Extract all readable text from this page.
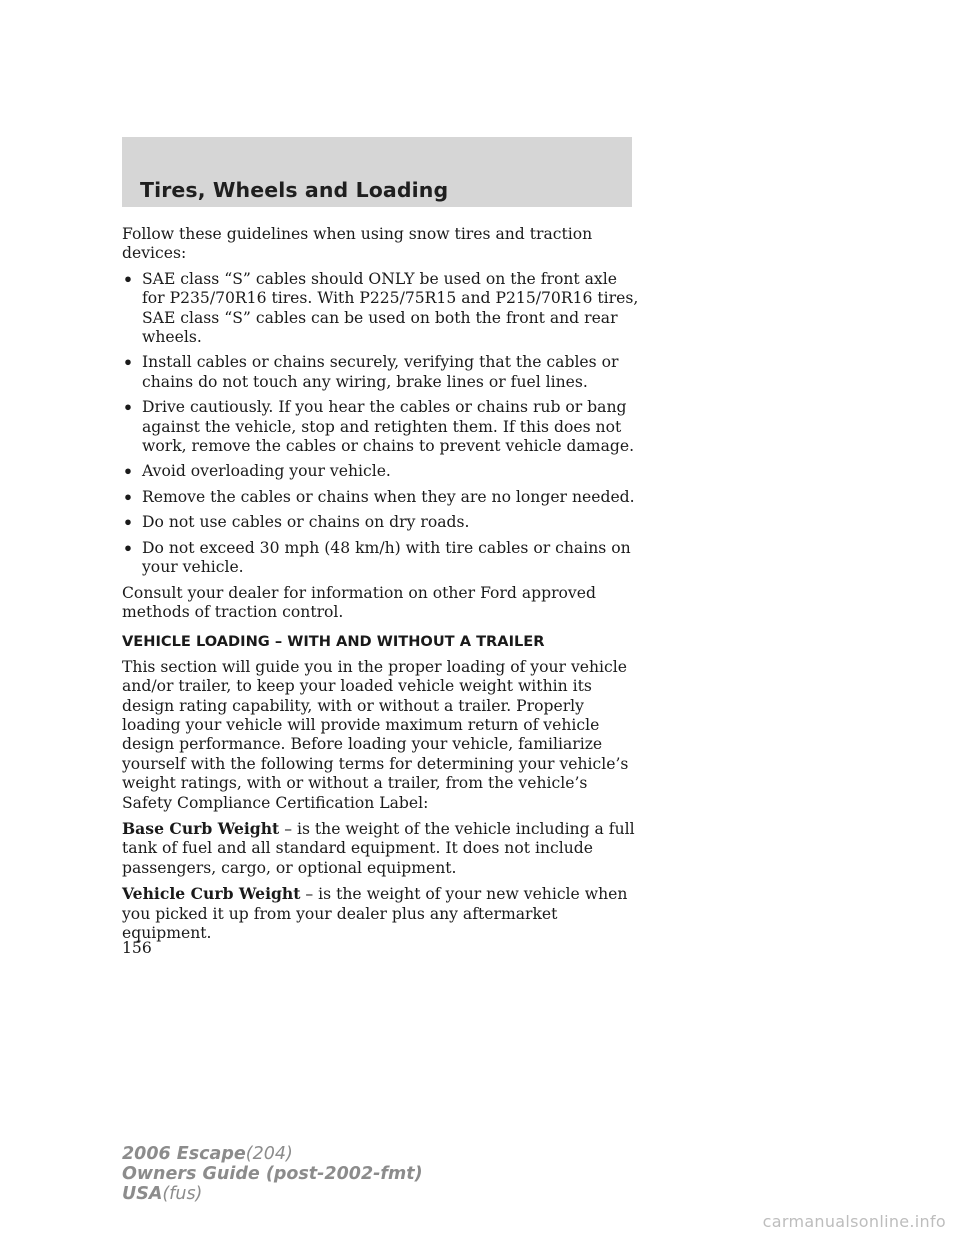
Tires, Wheels and Loading

Follow these guidelines when using snow tires and traction devices:

• SAE class “S” cables should ONLY be used on the front axle for P235/70R16 tires. With P225/75R15 and P215/70R16 tires, SAE class “S” cables can be used on both the front and rear wheels.
• Install cables or chains securely, verifying that the cables or chains do not touch any wiring, brake lines or fuel lines.
• Drive cautiously. If you hear the cables or chains rub or bang against the vehicle, stop and retighten them. If this does not work, remove the cables or chains to prevent vehicle damage.
• Avoid overloading your vehicle.
• Remove the cables or chains when they are no longer needed.
• Do not use cables or chains on dry roads.
• Do not exceed 30 mph (48 km/h) with tire cables or chains on your vehicle.

Consult your dealer for information on other Ford approved methods of traction control.

VEHICLE LOADING – WITH AND WITHOUT A TRAILER

This section will guide you in the proper loading of your vehicle and/or trailer, to keep your loaded vehicle weight within its design rating capability, with or without a trailer. Properly loading your vehicle will provide maximum return of vehicle design performance. Before loading your vehicle, familiarize yourself with the following terms for determining your vehicle’s weight ratings, with or without a trailer, from the vehicle’s Safety Compliance Certification Label:

Base Curb Weight – is the weight of the vehicle including a full tank of fuel and all standard equipment. It does not include passengers, cargo, or optional equipment.

Vehicle Curb Weight – is the weight of your new vehicle when you picked it up from your dealer plus any aftermarket equipment.

156
2006 Escape(204)
Owners Guide (post-2002-fmt)
USA(fus)
carmanualsonline.info
